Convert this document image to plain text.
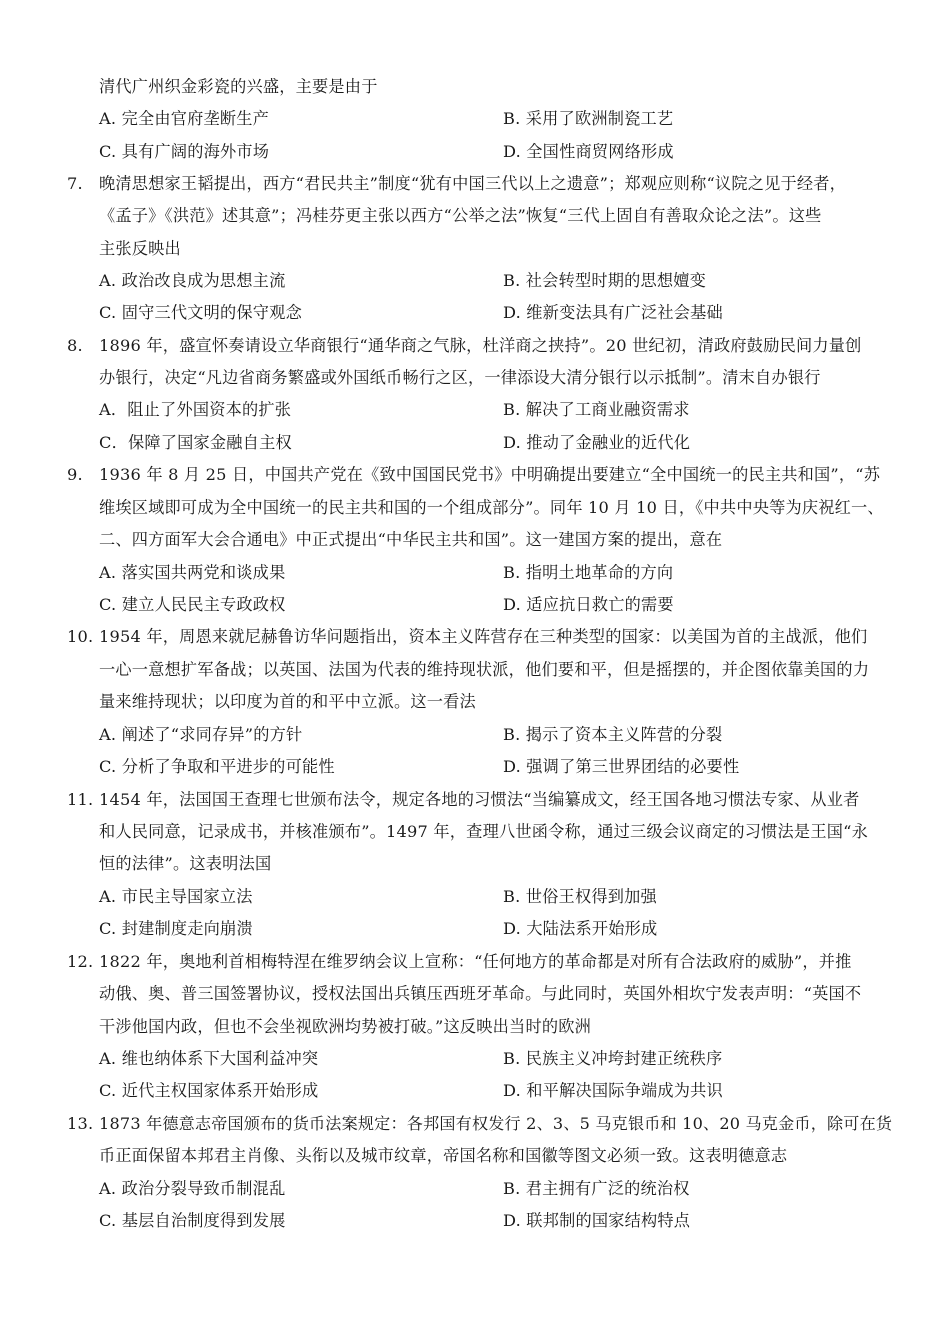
清代广州织金彩瓷的兴盛，主要是由于
A. 完全由官府垄断生产	B. 采用了欧洲制瓷工艺
C. 具有广阔的海外市场	D. 全国性商贸网络形成
7. 晚清思想家王韬提出，西方“君民共主”制度“犹有中国三代以上之遗意”；郑观应则称“议院之见于经者，
《孟子》《洪范》述其意”；冯桂芬更主张以西方“公举之法”恢复“三代上固自有善取众论之法”。这些
主张反映出
A. 政治改良成为思想主流	B. 社会转型时期的思想嬗变
C. 固守三代文明的保守观念	D. 维新变法具有广泛社会基础
8. 1896 年，盛宣怀奏请设立华商银行“通华商之气脉，杜洋商之挟持”。20 世纪初，清政府鼓励民间力量创
办银行，决定“凡边省商务繁盛或外国纸币畅行之区，一律添设大清分银行以示抵制”。清末自办银行
A．阻止了外国资本的扩张	B. 解决了工商业融资需求
C．保障了国家金融自主权	D. 推动了金融业的近代化
9. 1936 年 8 月 25 日，中国共产党在《致中国国民党书》中明确提出要建立“全中国统一的民主共和国”，“苏
维埃区域即可成为全中国统一的民主共和国的一个组成部分”。同年 10 月 10 日，《中共中央等为庆祝红一、
二、四方面军大会合通电》中正式提出“中华民主共和国”。这一建国方案的提出，意在
A. 落实国共两党和谈成果	B. 指明土地革命的方向
C. 建立人民民主专政政权	D. 适应抗日救亡的需要
10. 1954 年，周恩来就尼赫鲁访华问题指出，资本主义阵营存在三种类型的国家：以美国为首的主战派，他们
一心一意想扩军备战；以英国、法国为代表的维持现状派，他们要和平，但是摇摆的，并企图依靠美国的力
量来维持现状；以印度为首的和平中立派。这一看法
A. 阐述了“求同存异”的方针	B. 揭示了资本主义阵营的分裂
C. 分析了争取和平进步的可能性	D. 强调了第三世界团结的必要性
11. 1454 年，法国国王查理七世颁布法令，规定各地的习惯法“当编纂成文，经王国各地习惯法专家、从业者
和人民同意，记录成书，并核准颁布”。1497 年，查理八世函令称，通过三级会议商定的习惯法是王国“永
恒的法律”。这表明法国
A. 市民主导国家立法	B. 世俗王权得到加强
C. 封建制度走向崩溃	D. 大陆法系开始形成
12. 1822 年，奥地利首相梅特涅在维罗纳会议上宣称：“任何地方的革命都是对所有合法政府的威胁”，并推
动俄、奥、普三国签署协议，授权法国出兵镇压西班牙革命。与此同时，英国外相坎宁发表声明：“英国不
干涉他国内政，但也不会坐视欧洲均势被打破。”这反映出当时的欧洲
A. 维也纳体系下大国利益冲突	B. 民族主义冲垮封建正统秩序
C. 近代主权国家体系开始形成	D. 和平解决国际争端成为共识
13. 1873 年德意志帝国颁布的货币法案规定：各邦国有权发行 2、3、5 马克银币和 10、20 马克金币，除可在货
币正面保留本邦君主肖像、头衔以及城市纹章，帝国名称和国徽等图文必须一致。这表明德意志
A. 政治分裂导致币制混乱	B. 君主拥有广泛的统治权
C. 基层自治制度得到发展	D. 联邦制的国家结构特点
